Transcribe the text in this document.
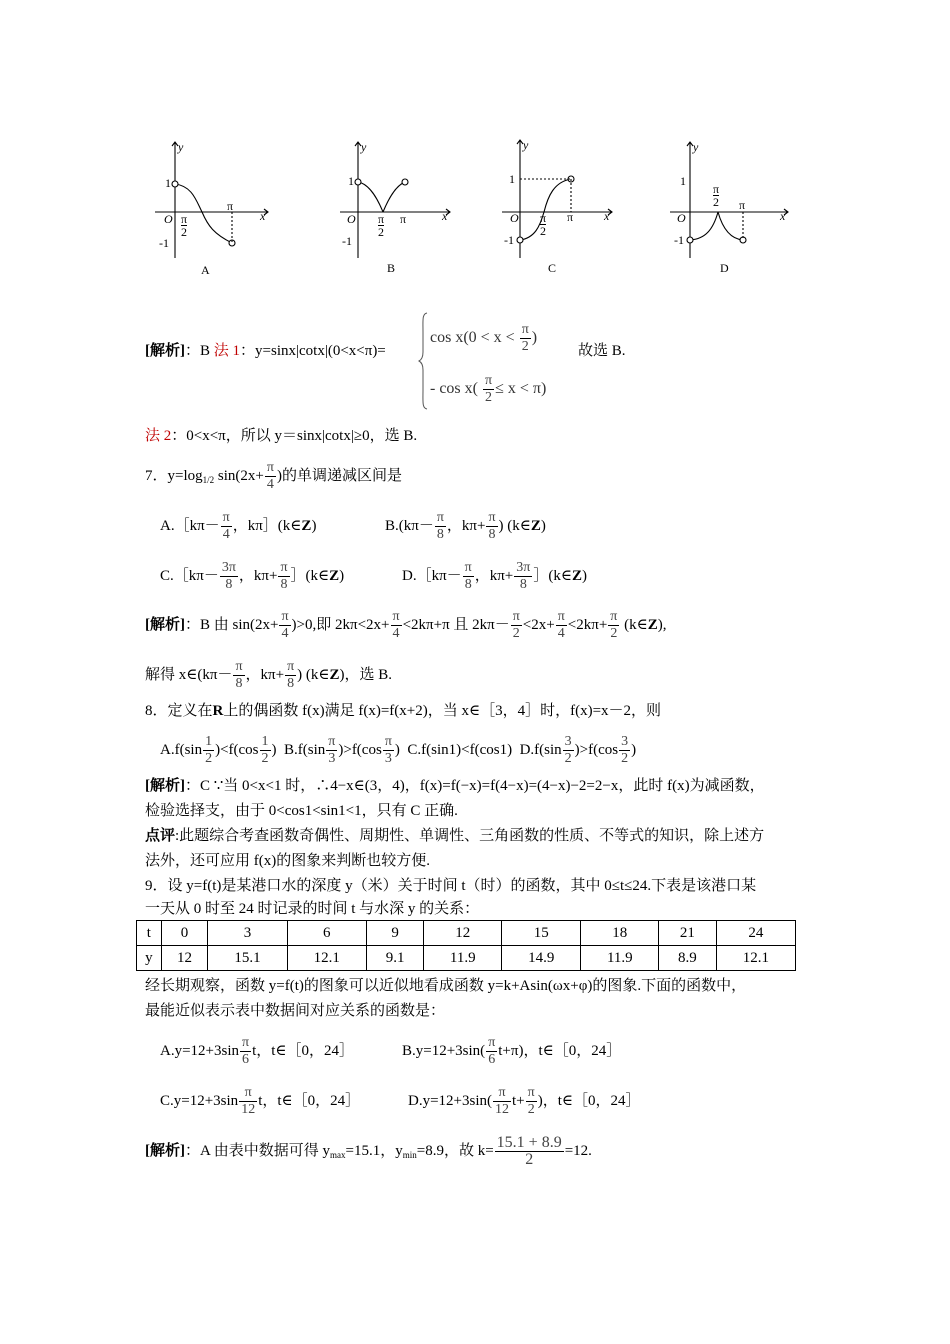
y
x
1
O
-1
π
$\frac{\pi}{2}$
A
y
x
1
O
-1
π
$\frac{\pi}{2}$
B
y
x
1
O
-1
π
$\frac{\pi}{2}$
C
y
x
1
O
-1
π
$\frac{\pi}{2}$
D
[解析]：B 法 1：y=sinx|cotx|(0<x<π)=
$\cos x(0 < x < \frac{\pi}{2}$ )
故选 B.
- $\cos x( \frac{\pi}{2} \le x < \pi)$
法 2：0<x<π，所以 y＝sinx|cotx|≥0，选 B.
7．$y=\log_{1/2}$ $\sin(2x+ \frac{\pi}{4}$ )的单调递减区间是
A.［kπ－ $\frac{\pi}{4}$ ，kπ］(k∈Z)	$B.(k\pi- \frac{\pi}{8}$ ，$k\pi+ \frac{\pi}{8}$ ) (k∈Z)
C.［kπ－ $\frac{3\pi}{8}$ ，$k\pi+ \frac{\pi}{8}$ ］(k∈Z)	D.［kπ－ $\frac{\pi}{8}$ ，$k\pi+ \frac{3\pi}{8}$ ］(k∈Z)
[解析]：B 由 $\sin(2x+ \frac{\pi}{4} )>0$,即 $2k\pi<2x+ \frac{\pi}{4} <2k\pi+\pi$ 且 $2k\pi- \frac{\pi}{2} <2x+ \frac{\pi}{4} <2k\pi+ \frac{\pi}{2}$ (k∈Z),
解得 x∈(kπ－ $\frac{\pi}{8}$ ，$k\pi+ \frac{\pi}{8}$ ) (k∈Z)，选 B.
8．定义在R上的偶函数 f(x)满足 f(x)=f(x+2)，当 x∈［3，4］时，f(x)=x－2，则
$A.f(\sin \frac{1}{2} )<f(\cos \frac{1}{2}$ ) $B.f(\sin \frac{\pi}{3} )>f(\cos \frac{\pi}{3}$ ) C.f(sin1)<f(cos1) $D.f(\sin \frac{3}{2} )>f(\cos \frac{3}{2}$ )
[解析]：C ∵当 0<x<1 时，∴4−x∈(3，4)，f(x)=f(−x)=f(4−x)=(4−x)−2=2−x，此时 f(x)为减函数，
检验选择支，由于 0<cos1<sin1<1，只有 C 正确.
点评:此题综合考查函数奇偶性、周期性、单调性、三角函数的性质、不等式的知识，除上述方
法外，还可应用 f(x)的图象来判断也较方便.
9．设 y=f(t)是某港口水的深度 y（米）关于时间 t（时）的函数，其中 0≤t≤24.下表是该港口某
一天从 0 时至 24 时记录的时间 t 与水深 y 的关系：
t	0	3	6	9	12	15	18	21	24
y	12	15.1	12.1	9.1	11.9	14.9	11.9	8.9	12.1
经长期观察，函数 y=f(t)的图象可以近似地看成函数 y=k+Asin(ωx+φ)的图象.下面的函数中，
最能近似表示表中数据间对应关系的函数是：
$A.y=12+3\sin \frac{\pi}{6}$ t，t∈［0，24］	$B.y=12+3\sin( \frac{\pi}{6} t+\pi)$，t∈［0，24］
$C.y=12+3\sin \frac{\pi}{12}$ t，t∈［0，24］	$D.y=12+3\sin( \frac{\pi}{12} t+ \frac{\pi}{2}$ )，t∈［0，24］
[解析]：A 由表中数据可得 $y_{max}=15.1$，$y_{min}=8.9$，故 $k= \frac{15.1 + 8.9}{2} =12$.
